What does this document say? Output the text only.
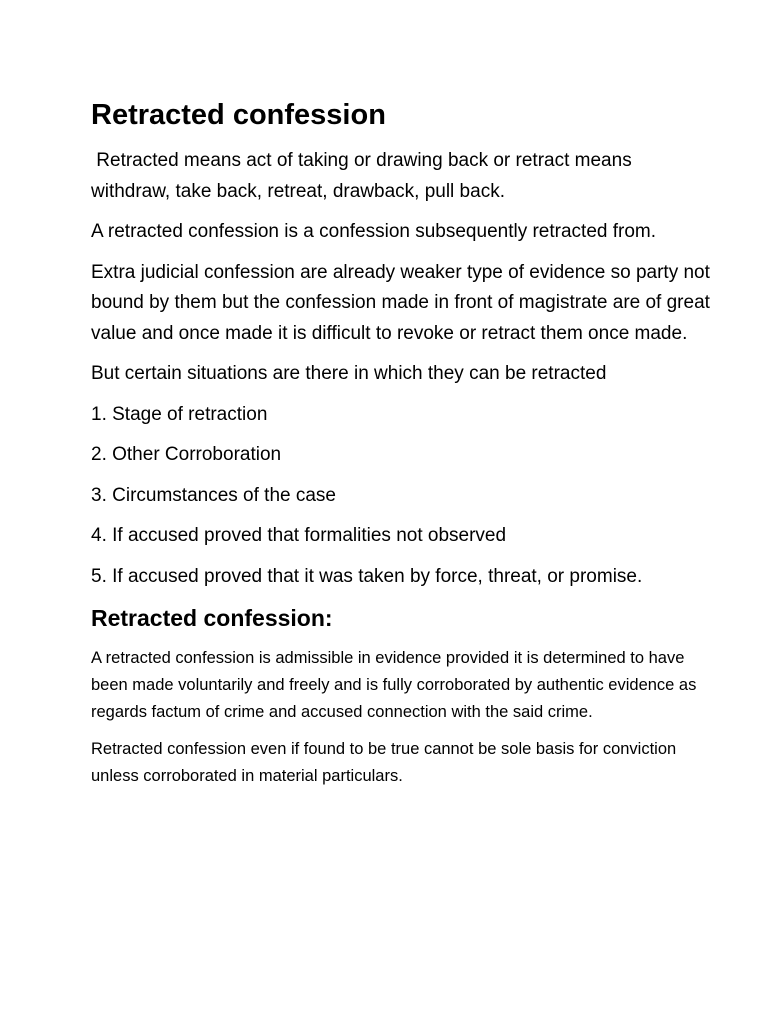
Retracted confession

Retracted means act of taking or drawing back or retract means withdraw, take back, retreat, drawback, pull back.

A retracted confession is a confession subsequently retracted from.

Extra judicial confession are already weaker type of evidence so party not bound by them but the confession made in front of magistrate are of great value and once made it is difficult to revoke or retract them once made.

But certain situations are there in which they can be retracted

1. Stage of retraction

2. Other Corroboration

3. Circumstances of the case

4. If accused proved that formalities not observed

5. If accused proved that it was taken by force, threat, or promise.

Retracted confession:

A retracted confession is admissible in evidence provided it is determined to have been made voluntarily and freely and is fully corroborated by authentic evidence as regards factum of crime and accused connection with the said crime.

Retracted confession even if found to be true cannot be sole basis for conviction unless corroborated in material particulars.
